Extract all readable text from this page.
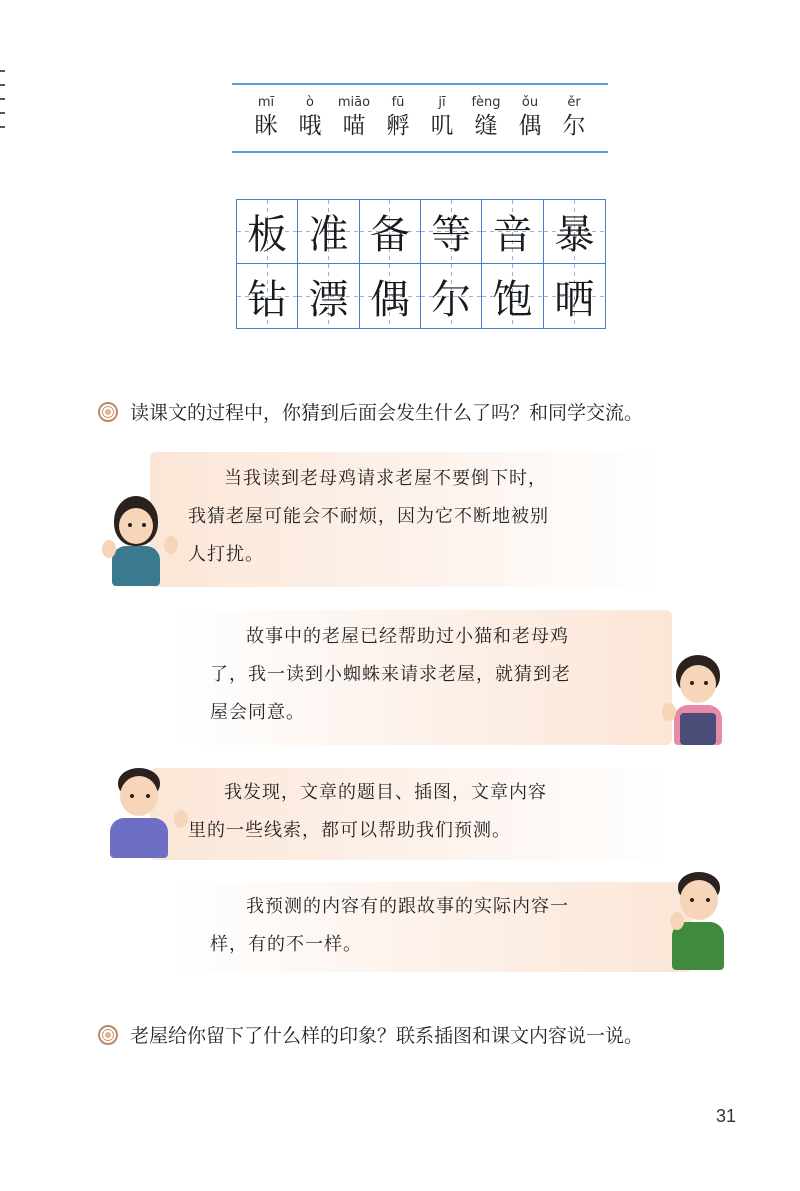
mī
眯
ò
哦
miāo
喵
fū
孵
jī
叽
fèng
缝
ǒu
偶
ěr
尔
板 准 备 等 音 暴
钻 漂 偶 尔 饱 晒
读课文的过程中，你猜到后面会发生什么了吗？和同学交流。

当我读到老母鸡请求老屋不要倒下时，

我猜老屋可能会不耐烦，因为它不断地被别

人打扰。

故事中的老屋已经帮助过小猫和老母鸡

了，我一读到小蜘蛛来请求老屋，就猜到老

屋会同意。

我发现，文章的题目、插图，文章内容

里的一些线索，都可以帮助我们预测。

我预测的内容有的跟故事的实际内容一

样，有的不一样。

老屋给你留下了什么样的印象？联系插图和课文内容说一说。
31
